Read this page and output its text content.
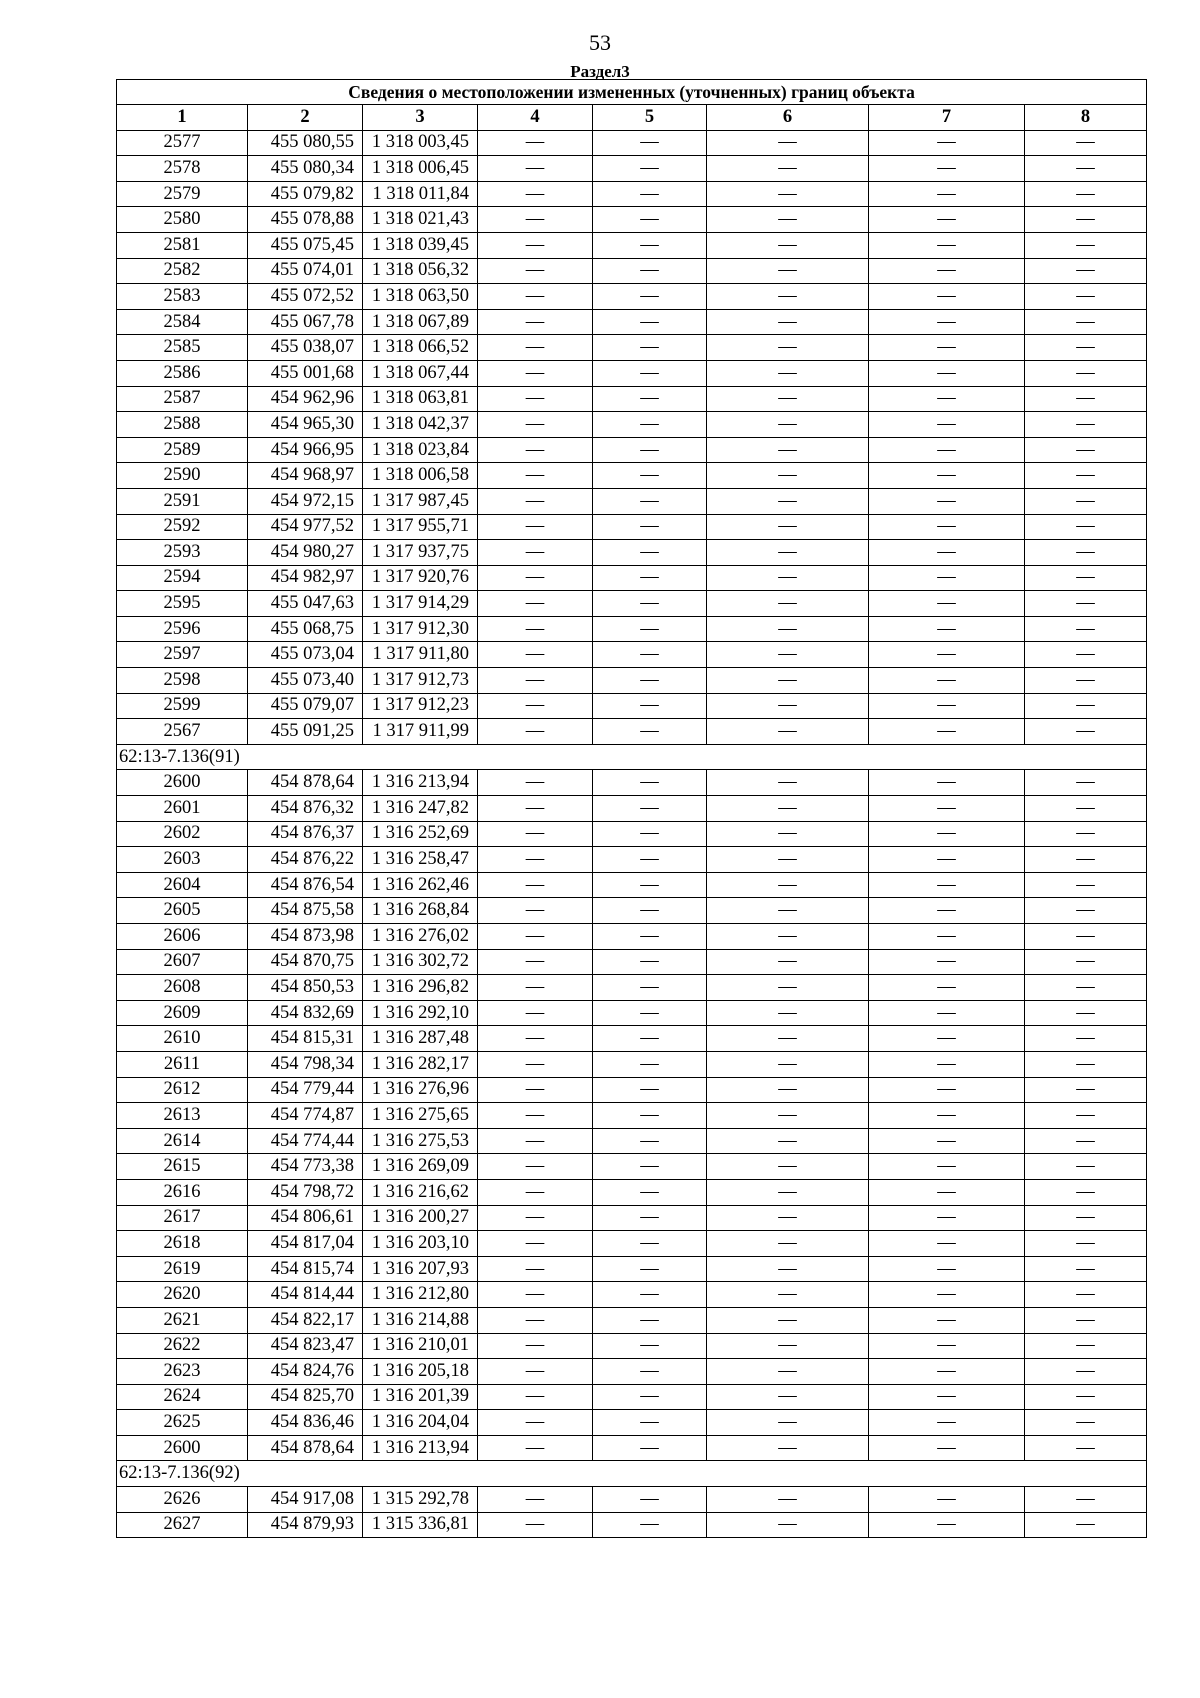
53
Раздел3
Сведения о местоположении измененных (уточненных) границ объекта							
1	2	3	4	5	6	7	8
2577	455 080,55	1 318 003,45	—	—	—	—	—
2578	455 080,34	1 318 006,45	—	—	—	—	—
2579	455 079,82	1 318 011,84	—	—	—	—	—
2580	455 078,88	1 318 021,43	—	—	—	—	—
2581	455 075,45	1 318 039,45	—	—	—	—	—
2582	455 074,01	1 318 056,32	—	—	—	—	—
2583	455 072,52	1 318 063,50	—	—	—	—	—
2584	455 067,78	1 318 067,89	—	—	—	—	—
2585	455 038,07	1 318 066,52	—	—	—	—	—
2586	455 001,68	1 318 067,44	—	—	—	—	—
2587	454 962,96	1 318 063,81	—	—	—	—	—
2588	454 965,30	1 318 042,37	—	—	—	—	—
2589	454 966,95	1 318 023,84	—	—	—	—	—
2590	454 968,97	1 318 006,58	—	—	—	—	—
2591	454 972,15	1 317 987,45	—	—	—	—	—
2592	454 977,52	1 317 955,71	—	—	—	—	—
2593	454 980,27	1 317 937,75	—	—	—	—	—
2594	454 982,97	1 317 920,76	—	—	—	—	—
2595	455 047,63	1 317 914,29	—	—	—	—	—
2596	455 068,75	1 317 912,30	—	—	—	—	—
2597	455 073,04	1 317 911,80	—	—	—	—	—
2598	455 073,40	1 317 912,73	—	—	—	—	—
2599	455 079,07	1 317 912,23	—	—	—	—	—
2567	455 091,25	1 317 911,99	—	—	—	—	—
62:13-7.136(91)							
2600	454 878,64	1 316 213,94	—	—	—	—	—
2601	454 876,32	1 316 247,82	—	—	—	—	—
2602	454 876,37	1 316 252,69	—	—	—	—	—
2603	454 876,22	1 316 258,47	—	—	—	—	—
2604	454 876,54	1 316 262,46	—	—	—	—	—
2605	454 875,58	1 316 268,84	—	—	—	—	—
2606	454 873,98	1 316 276,02	—	—	—	—	—
2607	454 870,75	1 316 302,72	—	—	—	—	—
2608	454 850,53	1 316 296,82	—	—	—	—	—
2609	454 832,69	1 316 292,10	—	—	—	—	—
2610	454 815,31	1 316 287,48	—	—	—	—	—
2611	454 798,34	1 316 282,17	—	—	—	—	—
2612	454 779,44	1 316 276,96	—	—	—	—	—
2613	454 774,87	1 316 275,65	—	—	—	—	—
2614	454 774,44	1 316 275,53	—	—	—	—	—
2615	454 773,38	1 316 269,09	—	—	—	—	—
2616	454 798,72	1 316 216,62	—	—	—	—	—
2617	454 806,61	1 316 200,27	—	—	—	—	—
2618	454 817,04	1 316 203,10	—	—	—	—	—
2619	454 815,74	1 316 207,93	—	—	—	—	—
2620	454 814,44	1 316 212,80	—	—	—	—	—
2621	454 822,17	1 316 214,88	—	—	—	—	—
2622	454 823,47	1 316 210,01	—	—	—	—	—
2623	454 824,76	1 316 205,18	—	—	—	—	—
2624	454 825,70	1 316 201,39	—	—	—	—	—
2625	454 836,46	1 316 204,04	—	—	—	—	—
2600	454 878,64	1 316 213,94	—	—	—	—	—
62:13-7.136(92)							
2626	454 917,08	1 315 292,78	—	—	—	—	—
2627	454 879,93	1 315 336,81	—	—	—	—	—
